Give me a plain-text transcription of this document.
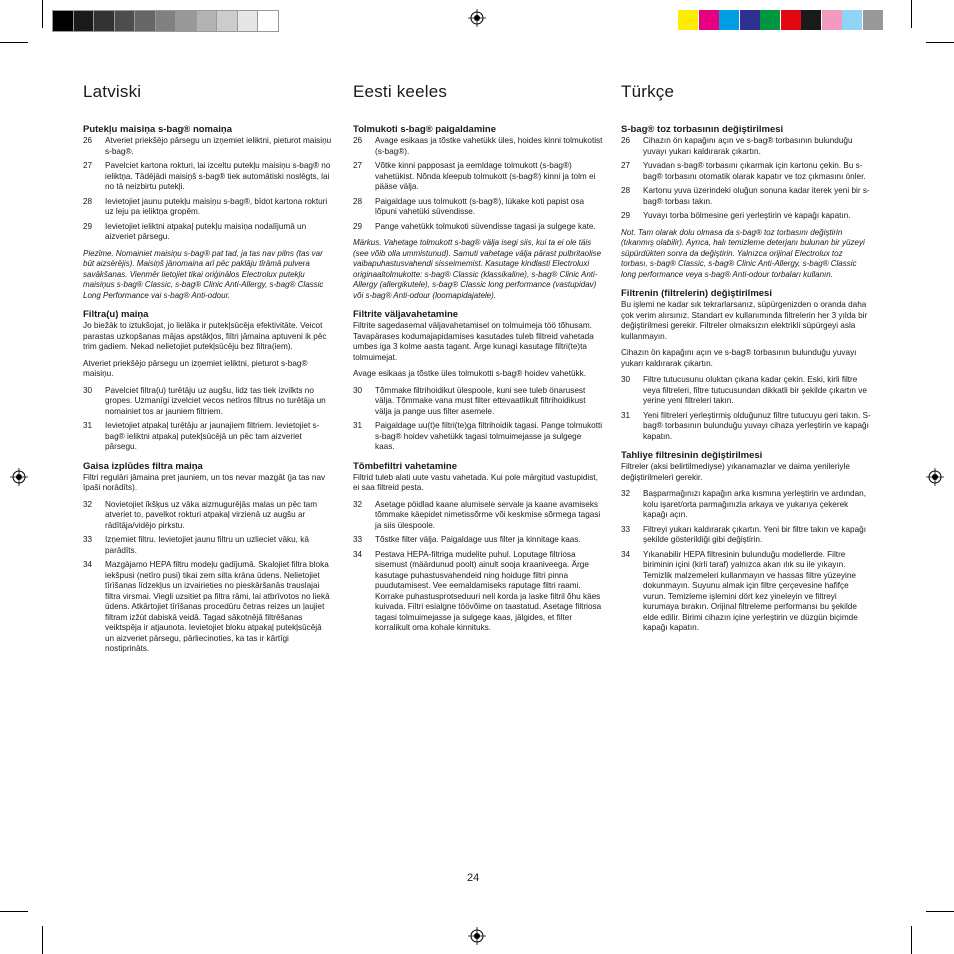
Latviski
Putekļu maisiņa s-bag® nomaiņa
26	Atveriet priekšējo pārsegu un izņemiet ieliktni, pieturot maisiņu s-bag®.
27	Pavelciet kartona rokturi, lai izceltu putekļu maisiņu s-bag® no ieliktņa. Tādējādi maisiņš s-bag® tiek automātiski noslēgts, lai no tā neizbirtu putekļi.
28	Ievietojiet jaunu putekļu maisiņu s-bag®, bīdot kartona rokturi uz leju pa ieliktņa gropēm.
29	Ievietojiet ieliktni atpakaļ putekļu maisiņa nodalījumā un aizveriet pārsegu.
Piezīme. Nomainiet maisiņu s-bag® pat tad, ja tas nav pilns (tas var būt aizsērējis). Maisiņš jānomaina arī pēc paklāju tīrāmā pulvera savākšanas. Vienmēr lietojiet tikai oriģinālos Electrolux putekļu maisiņus s-bag® Classic, s-bag® Clinic Anti-Allergy, s-bag® Classic Long Performance vai s-bag® Anti-odour.
Filtra(u) maiņa
Jo biežāk to iztukšojat, jo lielāka ir putekļsūcēja efektivitāte. Veicot parastas uzkopšanas mājas apstākļos, filtri jāmaina aptuveni ik pēc trim gadiem. Nekad nelietojiet putekļsūcēju bez filtra(iem).
Atveriet priekšējo pārsegu un izņemiet ieliktni, pieturot s-bag® maisiņu.
30	Pavelciet filtra(u) turētāju uz augšu, lidz tas tiek izvilkts no gropes. Uzmanīgi izvelciet vecos netīros filtrus no turētāja un nomainiet tos ar jauniem filtriem.
31	Ievietojiet atpakaļ turētāju ar jaunajiem filtriem. Ievietojiet s-bag® ieliktni atpakaļ putekļsūcējā un pēc tam aizveriet pārsegu.
Gaisa izplūdes filtra maiņa
Filtri regulāri jāmaina pret jauniem, un tos nevar mazgāt (ja tas nav īpaši norādīts).
32	Novietojiet īkšķus uz vāka aizmugurējās malas un pēc tam atveriet to, pavelkot rokturi atpakaļ virzienā uz augšu ar rādītāja/vidējo pirkstu.
33	Izņemiet filtru. Ievietojiet jaunu filtru un uzlieciet vāku, kā parādīts.
34	Mazgājamo HEPA filtru modeļu gadījumā. Skalojiet filtra bloka iekšpusi (netīro pusi) tikai zem silta krāna ūdens. Nelietojiet tīrīšanas līdzekļus un izvairieties no pieskāršanās trauslajai filtra virsmai. Viegli uzsitiet pa filtra rāmi, lai atbrīvotos no liekā ūdens. Atkārtojiet tīrīšanas procedūru četras reizes un ļaujiet filtram izžūt dabiskā veidā. Tagad sākotnējā filtrēšanas veiktspēja ir atjaunota. Ievietojiet bloku atpakaļ putekļsūcējā un aizveriet pārsegu, pārliecinoties, ka tas ir kārtīgi nostiprināts.
Eesti keeles
Tolmukoti s-bag® paigaldamine
26	Avage esikaas ja tõstke vahetükk üles, hoides kinni tolmukotist (s-bag®).
27	Võtke kinni papposast ja eemldage tolmukott (s-bag®) vahetükist. Nõnda kleepub tolmukott (s-bag®) kinni ja tolm ei pääse välja.
28	Paigaldage uus tolmukott (s-bag®), lükake koti papist osa lõpuni vahetüki süvendisse.
29	Pange vahetükk tolmukoti süvendisse tagasi ja sulgege kate.
Märkus. Vahetage tolmukott s-bag® välja isegi siis, kui ta ei ole täis (see võib olla ummistunud). Samuti vahetage välja pärast pulbritaolise vaibapuhastusvahendi sisseimemist. Kasutage kindlasti Electroluxi originaaltolmukotte: s-bag® Classic (klassikaline), s-bag® Clinic Anti-Allergy (allergikutele), s-bag® Classic long performance (vastupidav) või s-bag® Anti-odour (loomapidajatele).
Filtrite väljavahetamine
Filtrite sagedasemal väljavahetamisel on tolmuimeja töö tõhusam. Tavapärases kodumajapidamises kasutades tuleb filtreid vahetada umbes iga 3 kolme aasta tagant. Ärge kunagi kasutage filtri(te)ta tolmuimejat.
Avage esikaas ja tõstke üles tolmukotti s-bag® hoidev vahetükk.
30	Tõmmake filtrihoidikut ülespoole, kuni see tuleb önarusest välja. Tõmmake vana must filter ettevaatlikult filtrihoidikust välja ja pange uus filter asemele.
31	Paigaldage uu(t)e filtri(te)ga filtrihoidik tagasi. Pange tolmukotti s-bag® hoidev vahetükk tagasi tolmuimejasse ja sulgege kaas.
Tõmbefiltri vahetamine
Filtrid tuleb alati uute vastu vahetada. Kui pole märgitud vastupidist, ei saa filtreid pesta.
32	Asetage pöidlad kaane alumisele servale ja kaane avamiseks tõmmake käepidet nimetissõrme või keskmise sõrmega tagasi ja siis ülespoole.
33	Tõstke filter välja. Paigaldage uus filter ja kinnitage kaas.
34	Pestava HEPA-filtriga mudelite puhul. Loputage filtriosa sisemust (määrdunud poolt) ainult sooja kraaniveega. Ärge kasutage puhastusvahendeid ning hoiduge filtri pinna puudutamisest. Vee eemaldamiseks raputage filtri raami. Korrake puhastusprotseduuri neli korda ja laske filtril õhu käes kuivada. Filtri esialgne töövõime on taastatud. Asetage filtriosa tagasi tolmuimejasse ja sulgege kaas, jälgides, et filter korralikult oma kohale kinnituks.
Türkçe
S-bag® toz torbasının değiştirilmesi
26	Cihazın ön kapağını açın ve s-bag® torbasının bulunduğu yuvayı yukarı kaldırarak çıkartın.
27	Yuvadan s-bag® torbasını çıkarmak için kartonu çekin. Bu s-bag® torbasını otomatik olarak kapatır ve toz çıkmasını önler.
28	Kartonu yuva üzerindeki oluğun sonuna kadar iterek yeni bir s-bag® torbası takın.
29	Yuvayı torba bölmesine geri yerleştirin ve kapağı kapatın.
Not. Tam olarak dolu olmasa da s-bag® toz torbasını değiştirin (tıkanmış olabilir). Ayrıca, halı temizleme deterjanı bulunan bir yüzeyi süpürdükten sonra da değiştirin. Yalnızca orijinal Electrolux toz torbası, s-bag® Classic, s-bag® Clinic Anti-Allergy, s-bag® Classic long performance veya s-bag® Anti-odour torbaları kullanın.
Filtrenin (filtrelerin) değiştirilmesi
Bu işlemi ne kadar sık tekrarlarsanız, süpürgenizden o oranda daha çok verim alırsınız. Standart ev kullanımında filtrelerin her 3 yılda bir değiştirilmesi gerekir. Filtreler olmaksızın elektrikli süpürgeyi asla kullanmayın.
Cihazın ön kapağını açın ve s-bag® torbasının bulunduğu yuvayı yukarı kaldırarak çıkartın.
30	Filtre tutucusunu oluktan çıkana kadar çekin. Eski, kirli filtre veya filtreleri, filtre tutucusundan dikkatli bir şekilde çıkartın ve yerine yeni filtreleri takın.
31	Yeni filtreleri yerleştirmiş olduğunuz filtre tutucuyu geri takın. S-bag® torbasının bulunduğu yuvayı cihaza yerleştirin ve kapağı kapatın.
Tahliye filtresinin değiştirilmesi
Filtreler (aksi belirtilmediyse) yıkanamazlar ve daima yenileriyle değiştirilmeleri gerekir.
32	Başparmağınızı kapağın arka kısmına yerleştirin ve ardından, kolu işaret/orta parmağınızla arkaya ve yukarıya çekerek kapağı açın.
33	Filtreyi yukarı kaldırarak çıkartın. Yeni bir filtre takın ve kapağı şekilde gösterildiği gibi değiştirin.
34	Yıkanabilir HEPA filtresinin bulunduğu modellerde. Filtre biriminin içini (kirli taraf) yalnızca akan ılık su ile yıkayın. Temizlik malzemeleri kullanmayın ve hassas filtre yüzeyine dokunmayın. Suyunu almak için filtre çerçevesine hafifçe vurun. Temizleme işlemini dört kez yineleyin ve filtreyi kurumaya bırakın. Orijinal filtreleme performansı bu şekilde elde edilir. Birimi cihazın içine yerleştirin ve düzgün biçimde kapağı kapatın.
24
